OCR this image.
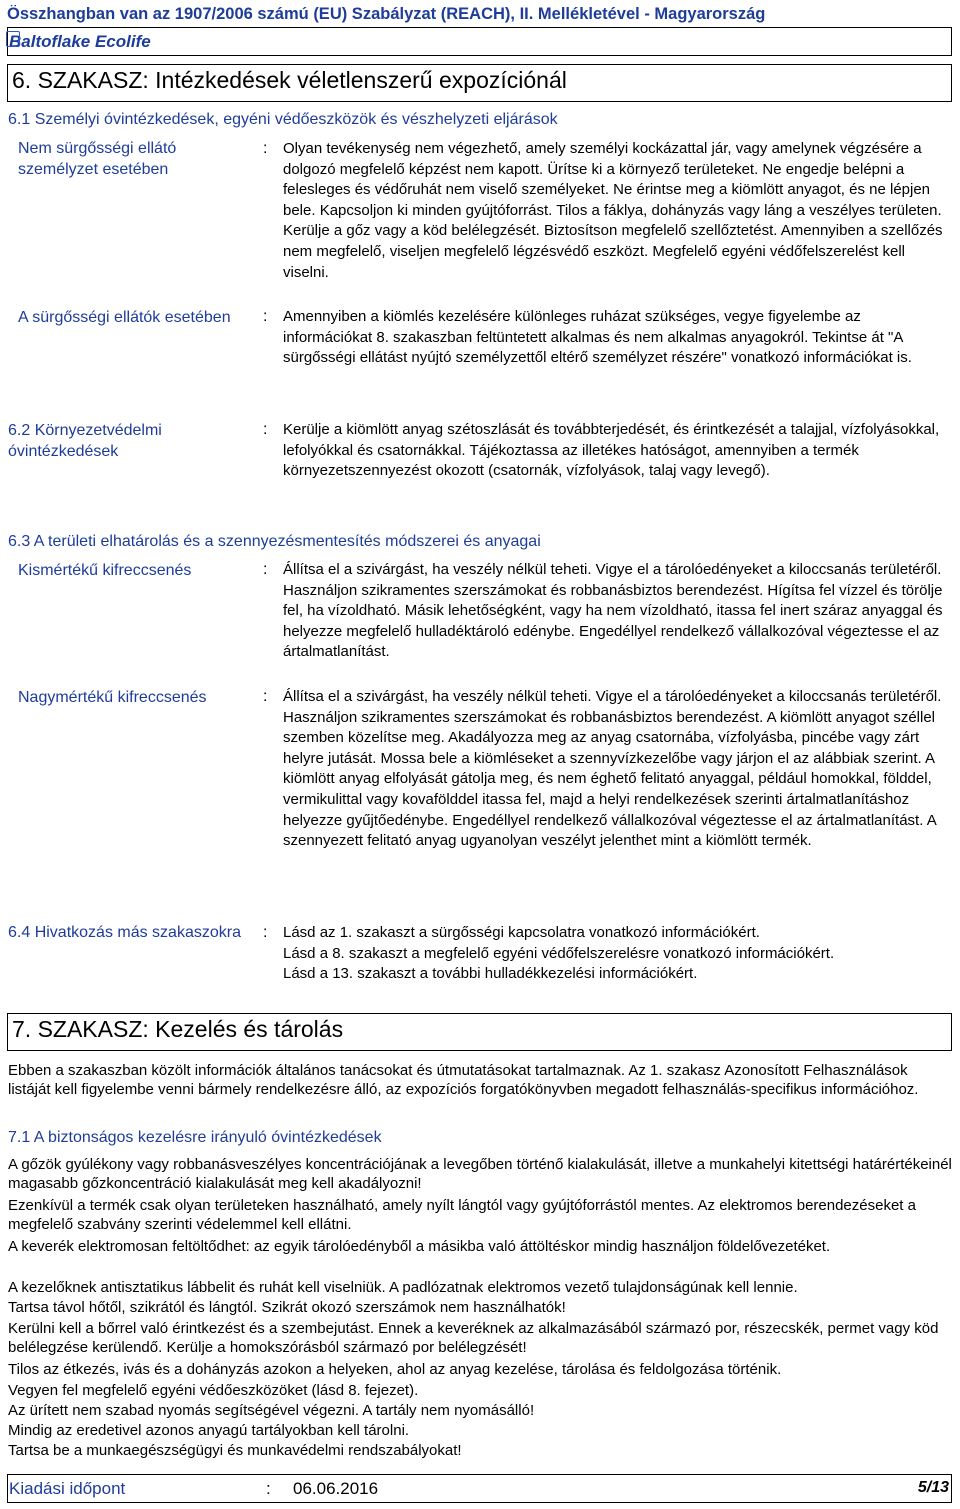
Összhangban van az 1907/2006 számú (EU) Szabályzat (REACH), II. Mellékletével - Magyarország
Baltoflake Ecolife
6. SZAKASZ: Intézkedések véletlenszerű expozíciónál
6.1 Személyi óvintézkedések, egyéni védőeszközök és vészhelyzeti eljárások
Nem sürgősségi ellátó személyzet esetében
: Olyan tevékenység nem végezhető, amely személyi kockázattal jár, vagy amelynek végzésére a dolgozó megfelelő képzést nem kapott. Ürítse ki a környező területeket. Ne engedje belépni a felesleges és védőruhát nem viselő személyeket. Ne érintse meg a kiömlött anyagot, és ne lépjen bele. Kapcsoljon ki minden gyújtóforrást. Tilos a fáklya, dohányzás vagy láng a veszélyes területen. Kerülje a gőz vagy a köd belélegzését. Biztosítson megfelelő szellőztetést. Amennyiben a szellőzés nem megfelelő, viseljen megfelelő légzésvédő eszközt. Megfelelő egyéni védőfelszerelést kell viselni.
A sürgősségi ellátók esetében	: Amennyiben a kiömlés kezelésére különleges ruházat szükséges, vegye figyelembe az információkat 8. szakaszban feltüntetett alkalmas és nem alkalmas anyagokról. Tekintse át "A sürgősségi ellátást nyújtó személyzettől eltérő személyzet részére" vonatkozó információkat is.
6.2 Környezetvédelmi óvintézkedések
: Kerülje a kiömlött anyag szétoszlását és továbbterjedését, és érintkezését a talajjal, vízfolyásokkal, lefolyókkal és csatornákkal. Tájékoztassa az illetékes hatóságot, amennyiben a termék környezetszennyezést okozott (csatornák, vízfolyások, talaj vagy levegő).
6.3 A területi elhatárolás és a szennyezésmentesítés módszerei és anyagai
Kismértékű kifreccsenés	: Állítsa el a szivárgást, ha veszély nélkül teheti. Vigye el a tárolóedényeket a kiloccsanás területéről. Használjon szikramentes szerszámokat és robbanásbiztos berendezést. Hígítsa fel vízzel és törölje fel, ha vízoldható. Másik lehetőségként, vagy ha nem vízoldható, itassa fel inert száraz anyaggal és helyezze megfelelő hulladéktároló edénybe. Engedéllyel rendelkező vállalkozóval végeztesse el az ártalmatlanítást.
Nagymértékű kifreccsenés	: Állítsa el a szivárgást, ha veszély nélkül teheti. Vigye el a tárolóedényeket a kiloccsanás területéről. Használjon szikramentes szerszámokat és robbanásbiztos berendezést. A kiömlött anyagot széllel szemben közelítse meg. Akadályozza meg az anyag csatornába, vízfolyásba, pincébe vagy zárt helyre jutását. Mossa bele a kiömléseket a szennyvízkezelőbe vagy járjon el az alábbiak szerint. A kiömlött anyag elfolyását gátolja meg, és nem éghető felitató anyaggal, például homokkal, földdel, vermikulittal vagy kovafölddel itassa fel, majd a helyi rendelkezések szerinti ártalmatlanításhoz helyezze gyűjtőedénybe. Engedéllyel rendelkező vállalkozóval végeztesse el az ártalmatlanítást. A szennyezett felitató anyag ugyanolyan veszélyt jelenthet mint a kiömlött termék.
6.4 Hivatkozás más szakaszokra : Lásd az 1. szakaszt a sürgősségi kapcsolatra vonatkozó információkért.
Lásd a 8. szakaszt a megfelelő egyéni védőfelszerelésre vonatkozó információkért.
Lásd a 13. szakaszt a további hulladékkezelési információkért.
7. SZAKASZ: Kezelés és tárolás
Ebben a szakaszban közölt információk általános tanácsokat és útmutatásokat tartalmaznak. Az 1. szakasz Azonosított Felhasználások listáját kell figyelembe venni bármely rendelkezésre álló, az expozíciós forgatókönyvben megadott felhasználás-specifikus információhoz.
7.1 A biztonságos kezelésre irányuló óvintézkedések
A gőzök gyúlékony vagy robbanásveszélyes koncentrációjának a levegőben történő kialakulását, illetve a munkahelyi kitettségi határértékeinél magasabb gőzkoncentráció kialakulását meg kell akadályozni!
Ezenkívül a termék csak olyan területeken használható, amely nyílt lángtól vagy gyújtóforrástól mentes. Az elektromos berendezéseket a megfelelő szabvány szerinti védelemmel kell ellátni.
A keverék elektromosan feltöltődhet: az egyik tárolóedényből a másikba való áttöltéskor mindig használjon földelővezetéket.
A kezelőknek antisztatikus lábbelit és ruhát kell viselniük. A padlózatnak elektromos vezető tulajdonságúnak kell lennie.
Tartsa távol hőtől, szikrától és lángtól. Szikrát okozó szerszámok nem használhatók!
Kerülni kell a bőrrel való érintkezést és a szembejutást. Ennek a keveréknek az alkalmazásából származó por, részecskék, permet vagy köd belélegzése kerülendő. Kerülje a homokszórásból származó por belélegzését!
Tilos az étkezés, ivás és a dohányzás azokon a helyeken, ahol az anyag kezelése, tárolása és feldolgozása történik.
Vegyen fel megfelelő egyéni védőeszközöket (lásd 8. fejezet).
Az ürített nem szabad nyomás segítségével végezni. A tartály nem nyomásálló!
Mindig az eredetivel azonos anyagú tartályokban kell tárolni.
Tartsa be a munkaegészségügyi és munkavédelmi rendszabályokat!
Kiadási időpont	: 06.06.2016	5/13
